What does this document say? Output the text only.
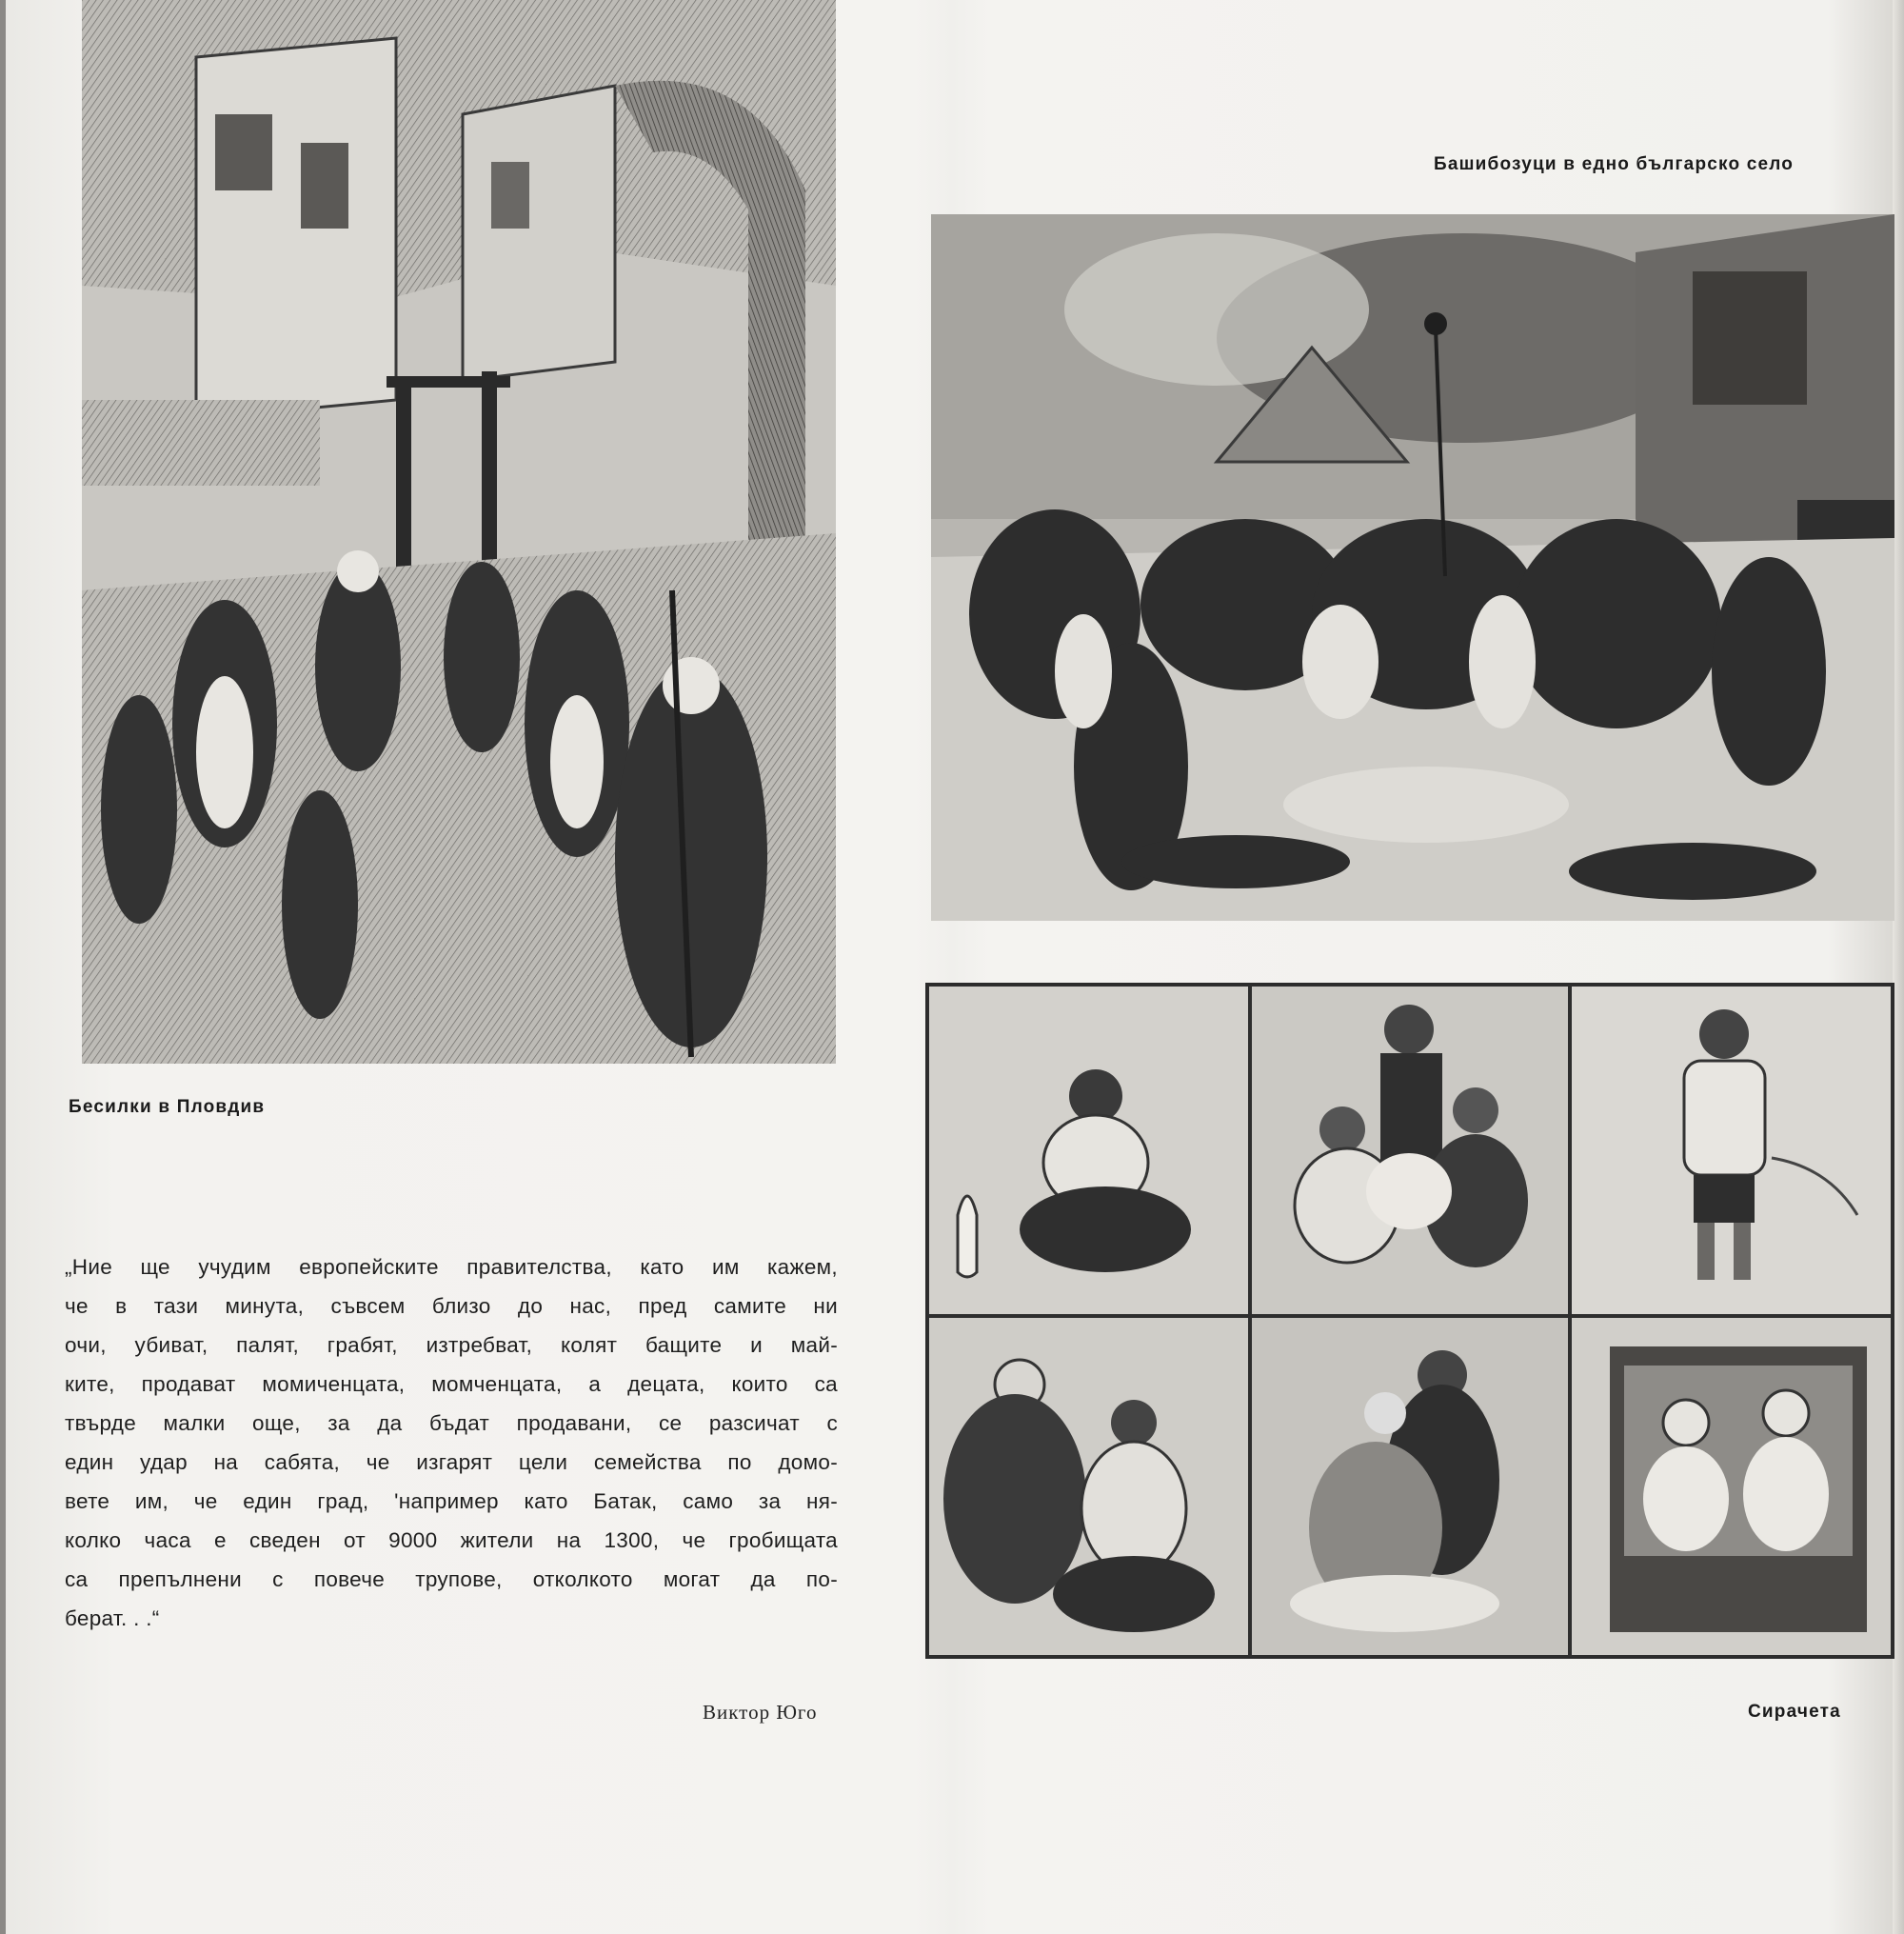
Бесилки в Пловдив
Башибозуци в едно българско село
Сирачета
„Ние ще учудим европейските правителства, като им кажем,
че в тази минута, съвсем близо до нас, пред самите ни
очи, убиват, палят, грабят, изтребват, колят бащите и май-
ките, продават момиченцата, момченцата, а децата, които са
твърде малки още, за да бъдат продавани, се разсичат с
един удар на сабята, че изгарят цели семейства по домо-
вете им, че един град, 'например като Батак, само за ня-
колко часа е сведен от 9000 жители на 1300, че гробищата
са препълнени с повече трупове, отколкото могат да по-
берат. . .“
Виктор Юго
